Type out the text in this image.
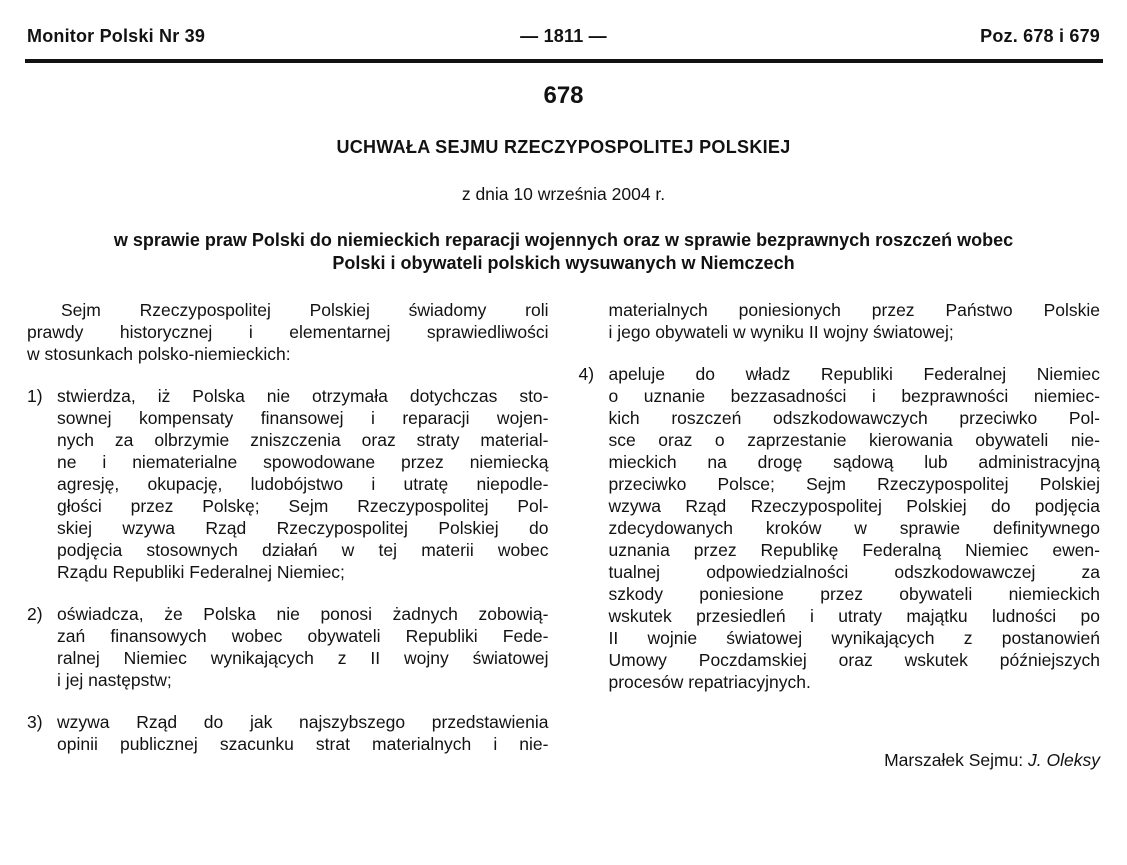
Monitor Polski Nr 39	— 1811 —	Poz. 678 i 679
678
UCHWAŁA SEJMU RZECZYPOSPOLITEJ POLSKIEJ
z dnia 10 września 2004 r.
w sprawie praw Polski do niemieckich reparacji wojennych oraz w sprawie bezprawnych roszczeń wobec
Polski i obywateli polskich wysuwanych w Niemczech
Sejm Rzeczypospolitej Polskiej świadomy roli
prawdy historycznej i elementarnej sprawiedliwości
w stosunkach polsko-niemieckich:
1) stwierdza, iż Polska nie otrzymała dotychczas sto-
sownej kompensaty finansowej i reparacji wojen-
nych za olbrzymie zniszczenia oraz straty material-
ne i niematerialne spowodowane przez niemiecką
agresję, okupację, ludobójstwo i utratę niepodle-
głości przez Polskę; Sejm Rzeczypospolitej Pol-
skiej wzywa Rząd Rzeczypospolitej Polskiej do
podjęcia stosownych działań w tej materii wobec
Rządu Republiki Federalnej Niemiec;
2) oświadcza, że Polska nie ponosi żadnych zobowią-
zań finansowych wobec obywateli Republiki Fede-
ralnej Niemiec wynikających z II wojny światowej
i jej następstw;
3) wzywa Rząd do jak najszybszego przedstawienia
opinii publicznej szacunku strat materialnych i nie-
materialnych poniesionych przez Państwo Polskie
i jego obywateli w wyniku II wojny światowej;
4) apeluje do władz Republiki Federalnej Niemiec
o uznanie bezzasadności i bezprawności niemiec-
kich roszczeń odszkodowawczych przeciwko Pol-
sce oraz o zaprzestanie kierowania obywateli nie-
mieckich na drogę sądową lub administracyjną
przeciwko Polsce; Sejm Rzeczypospolitej Polskiej
wzywa Rząd Rzeczypospolitej Polskiej do podjęcia
zdecydowanych kroków w sprawie definitywnego
uznania przez Republikę Federalną Niemiec ewen-
tualnej odpowiedzialności odszkodowawczej za
szkody poniesione przez obywateli niemieckich
wskutek przesiedleń i utraty majątku ludności po
II wojnie światowej wynikających z postanowień
Umowy Poczdamskiej oraz wskutek późniejszych
procesów repatriacyjnych.
Marszałek Sejmu: J. Oleksy
